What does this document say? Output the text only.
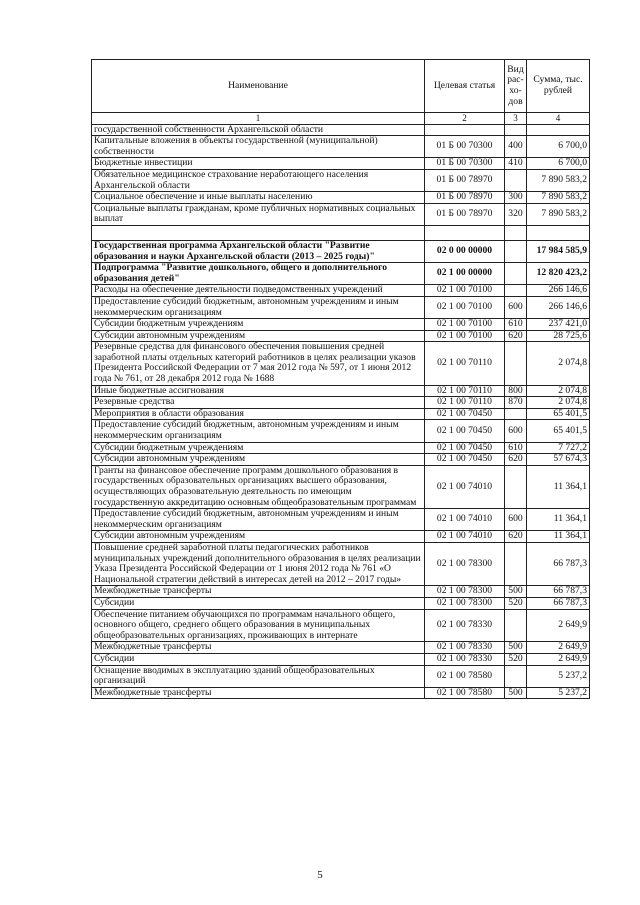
Наименование	Целевая статья	Вид рас-хо-дов	Сумма, тыс. рублей
1	2	3	4
государственной собственности Архангельской области			
Капитальные вложения в объекты государственной (муниципальной) собственности	01 Б 00 70300	400	6 700,0
Бюджетные инвестиции	01 Б 00 70300	410	6 700,0
Обязательное медицинское страхование неработающего населения Архангельской области	01 Б 00 78970		7 890 583,2
Социальное обеспечение и иные выплаты населению	01 Б 00 78970	300	7 890 583,2
Социальные выплаты гражданам, кроме публичных нормативных социальных выплат	01 Б 00 78970	320	7 890 583,2

Государственная программа Архангельской области "Развитие образования и науки Архангельской области (2013 – 2025 годы)"	02 0 00 00000		17 984 585,9
Подпрограмма "Развитие дошкольного, общего и дополнительного образования детей"	02 1 00 00000		12 820 423,2
Расходы на обеспечение деятельности подведомственных учреждений	02 1 00 70100		266 146,6
Предоставление субсидий бюджетным, автономным учреждениям и иным некоммерческим организациям	02 1 00 70100	600	266 146,6
Субсидии бюджетным учреждениям	02 1 00 70100	610	237 421,0
Субсидии автономным учреждениям	02 1 00 70100	620	28 725,6
Резервные средства для финансового обеспечения повышения средней заработной платы отдельных категорий работников в целях реализации указов Президента Российской Федерации от 7 мая 2012 года № 597, от 1 июня 2012 года № 761, от 28 декабря 2012 года № 1688	02 1 00 70110		2 074,8
Иные бюджетные ассигнования	02 1 00 70110	800	2 074,8
Резервные средства	02 1 00 70110	870	2 074,8
Мероприятия в области образования	02 1 00 70450		65 401,5
Предоставление субсидий бюджетным, автономным учреждениям и иным некоммерческим организациям	02 1 00 70450	600	65 401,5
Субсидии бюджетным учреждениям	02 1 00 70450	610	7 727,2
Субсидии автономным учреждениям	02 1 00 70450	620	57 674,3
Гранты на финансовое обеспечение программ дошкольного образования в государственных образовательных организациях высшего образования, осуществляющих образовательную деятельность по имеющим государственную аккредитацию основным общеобразовательным программам	02 1 00 74010		11 364,1
Предоставление субсидий бюджетным, автономным учреждениям и иным некоммерческим организациям	02 1 00 74010	600	11 364,1
Субсидии автономным учреждениям	02 1 00 74010	620	11 364,1
Повышение средней заработной платы педагогических работников муниципальных учреждений дополнительного образования в целях реализации Указа Президента Российской Федерации от 1 июня 2012 года № 761 «О Национальной стратегии действий в интересах детей на 2012 – 2017 годы»	02 1 00 78300		66 787,3
Межбюджетные трансферты	02 1 00 78300	500	66 787,3
Субсидии	02 1 00 78300	520	66 787,3
Обеспечение питанием обучающихся по программам начального общего, основного общего, среднего общего образования в муниципальных общеобразовательных организациях, проживающих в интернате	02 1 00 78330		2 649,9
Межбюджетные трансферты	02 1 00 78330	500	2 649,9
Субсидии	02 1 00 78330	520	2 649,9
Оснащение вводимых в эксплуатацию зданий общеобразовательных организаций	02 1 00 78580		5 237,2
Межбюджетные трансферты	02 1 00 78580	500	5 237,2
5
